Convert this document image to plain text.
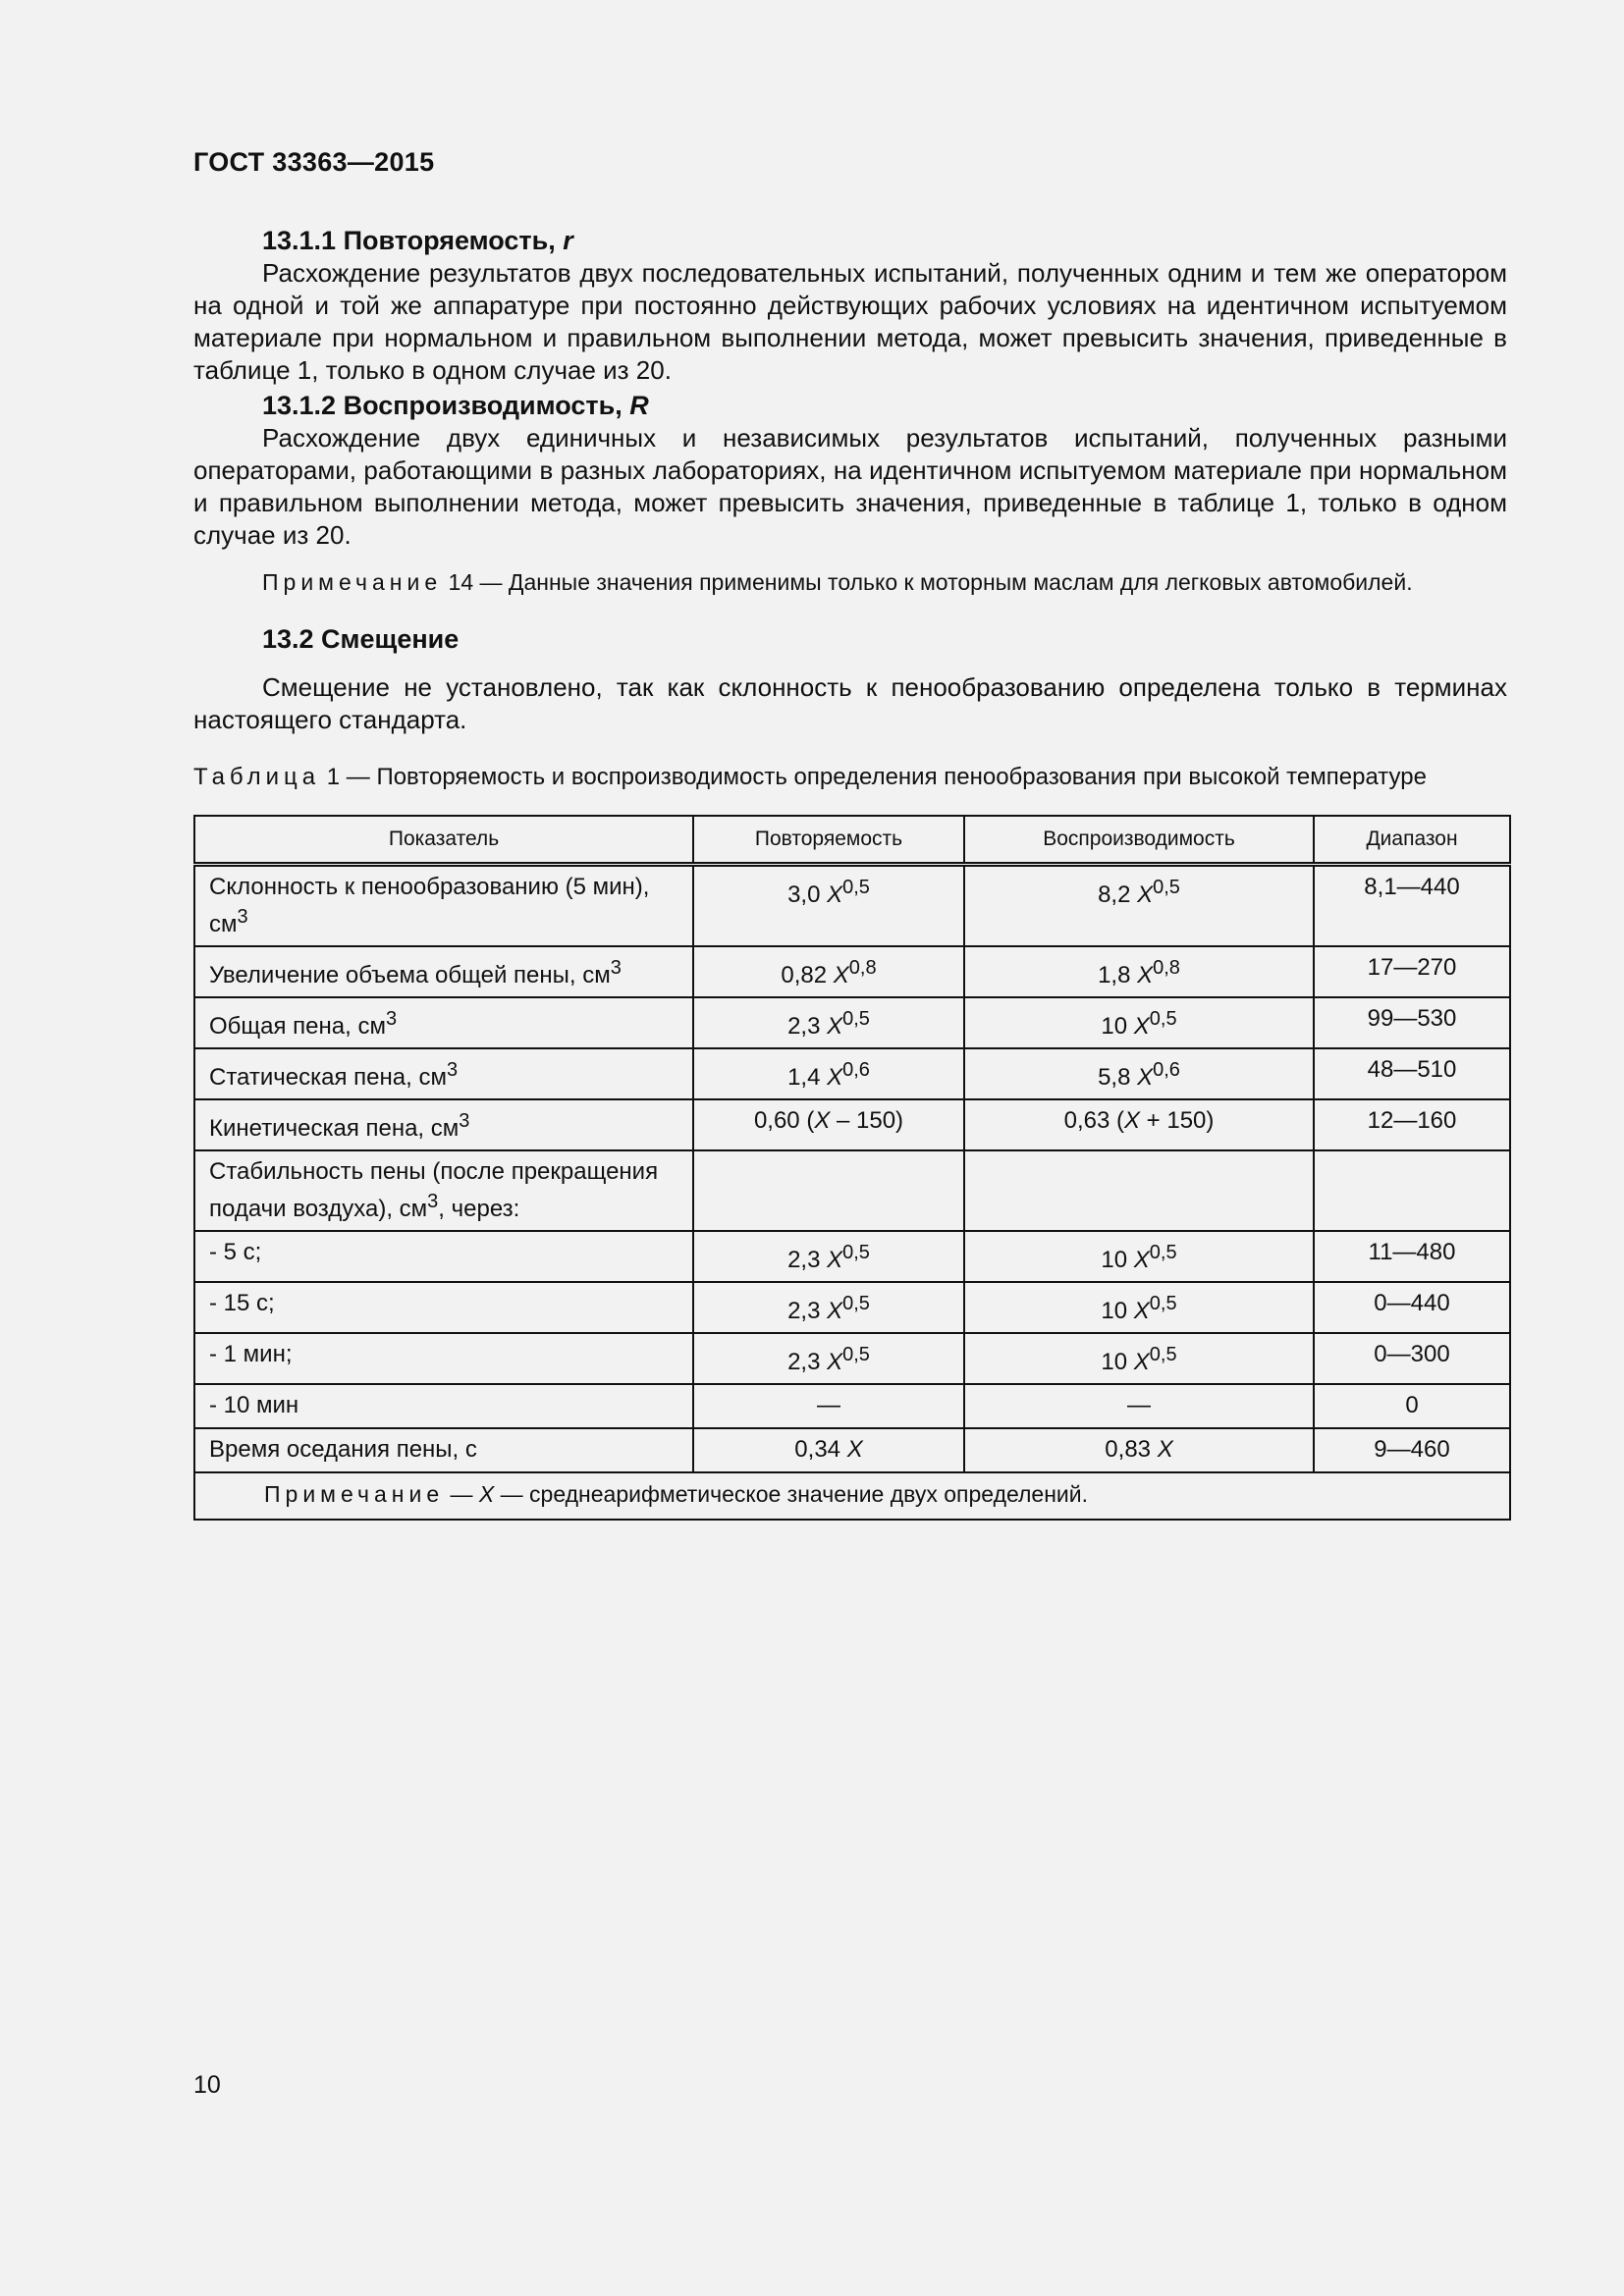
ГОСТ 33363—2015
13.1.1 Повторяемость, r

Расхождение результатов двух последовательных испытаний, полученных одним и тем же оператором на одной и той же аппаратуре при постоянно действующих рабочих условиях на идентичном испытуемом материале при нормальном и правильном выполнении метода, может превысить значения, приведенные в таблице 1, только в одном случае из 20.

13.1.2 Воспроизводимость, R

Расхождение двух единичных и независимых результатов испытаний, полученных разными операторами, работающими в разных лабораториях, на идентичном испытуемом материале при нормальном и правильном выполнении метода, может превысить значения, приведенные в таблице 1, только в одном случае из 20.

Примечание 14 — Данные значения применимы только к моторным маслам для легковых автомобилей.
13.2 Смещение

Смещение не установлено, так как склонность к пенообразованию определена только в терминах настоящего стандарта.

Таблица 1 — Повторяемость и воспроизводимость определения пенообразования при высокой температуре
Показатель	Повторяемость	Воспроизводимость	Диапазон
Склонность к пенообразованию (5 мин), $см^3$	3,0 X$^{0,5}$	8,2 X$^{0,5}$	8,1—440
Увеличение объема общей пены, $см^3$	0,82 X$^{0,8}$	1,8 X$^{0,8}$	17—270
Общая пена, $см^3$	2,3 X$^{0,5}$	10 X$^{0,5}$	99—530
Статическая пена, $см^3$	1,4 X$^{0,6}$	5,8 X$^{0,6}$	48—510
Кинетическая пена, $см^3$	0,60 (X – 150)	0,63 (X + 150)	12—160
Стабильность пены (после прекращения подачи воздуха), $см^3$, через:			
- 5 с;	2,3 X$^{0,5}$	10 X$^{0,5}$	11—480
- 15 с;	2,3 X$^{0,5}$	10 X$^{0,5}$	0—440
- 1 мин;	2,3 X$^{0,5}$	10 X$^{0,5}$	0—300
- 10 мин	—	—	0
Время оседания пены, с	0,34 X	0,83 X	9—460
Примечание — X — среднеарифметическое значение двух определений.			
10
